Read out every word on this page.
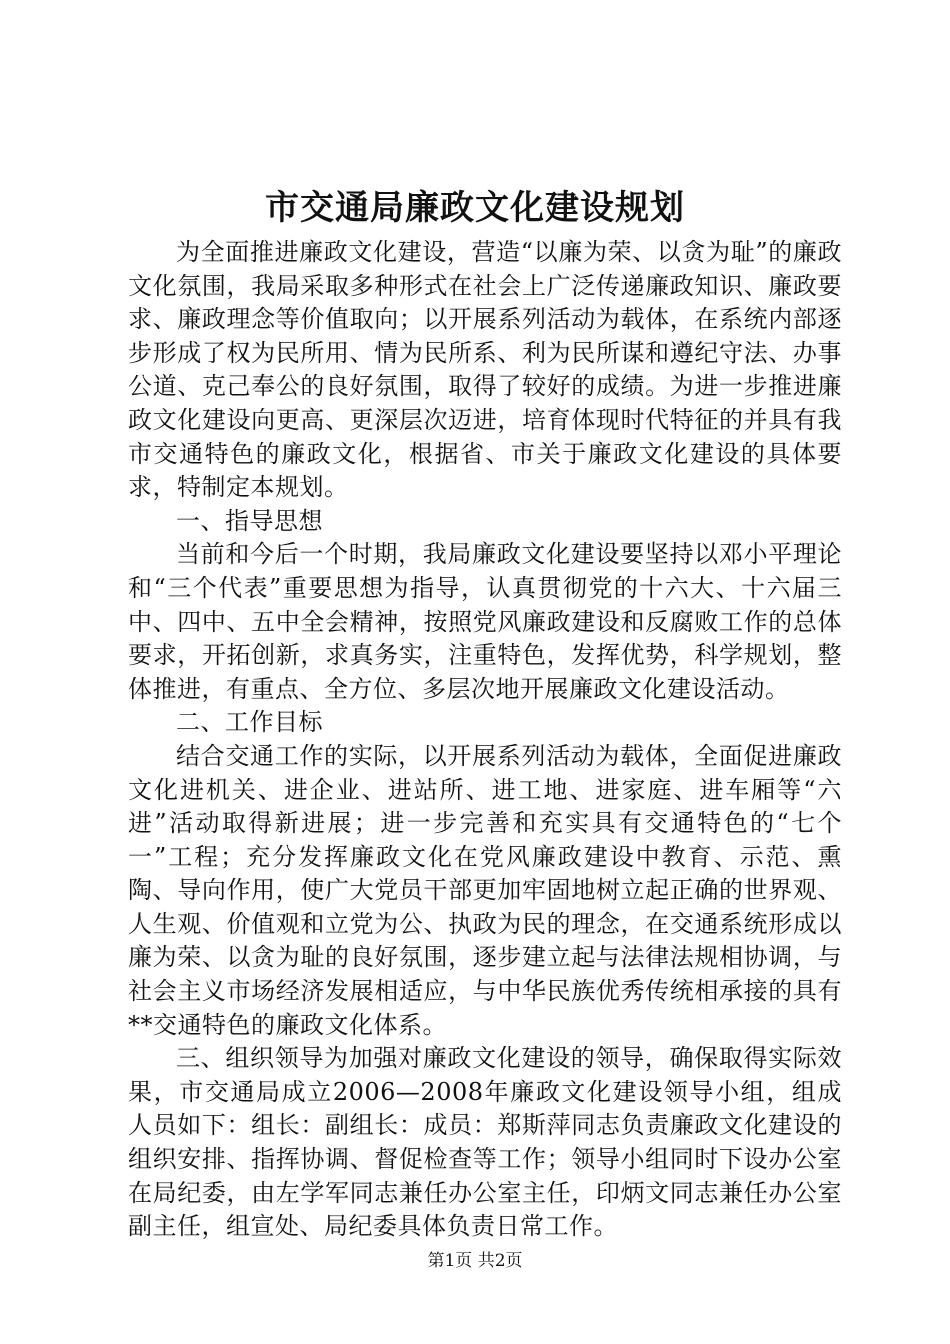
市交通局廉政文化建设规划

为全面推进廉政文化建设，营造“以廉为荣、以贪为耻”的廉政文化氛围，我局采取多种形式在社会上广泛传递廉政知识、廉政要求、廉政理念等价值取向；以开展系列活动为载体，在系统内部逐步形成了权为民所用、情为民所系、利为民所谋和遵纪守法、办事公道、克己奉公的良好氛围，取得了较好的成绩。为进一步推进廉政文化建设向更高、更深层次迈进，培育体现时代特征的并具有我市交通特色的廉政文化，根据省、市关于廉政文化建设的具体要求，特制定本规划。

一、指导思想

当前和今后一个时期，我局廉政文化建设要坚持以邓小平理论和“三个代表”重要思想为指导，认真贯彻党的十六大、十六届三中、四中、五中全会精神，按照党风廉政建设和反腐败工作的总体要求，开拓创新，求真务实，注重特色，发挥优势，科学规划，整体推进，有重点、全方位、多层次地开展廉政文化建设活动。

二、工作目标

结合交通工作的实际，以开展系列活动为载体，全面促进廉政文化进机关、进企业、进站所、进工地、进家庭、进车厢等“六进”活动取得新进展；进一步完善和充实具有交通特色的“七个一”工程；充分发挥廉政文化在党风廉政建设中教育、示范、熏陶、导向作用，使广大党员干部更加牢固地树立起正确的世界观、人生观、价值观和立党为公、执政为民的理念，在交通系统形成以廉为荣、以贪为耻的良好氛围，逐步建立起与法律法规相协调，与社会主义市场经济发展相适应，与中华民族优秀传统相承接的具有**交通特色的廉政文化体系。

三、组织领导为加强对廉政文化建设的领导，确保取得实际效果，市交通局成立2006—2008年廉政文化建设领导小组，组成人员如下：组长：副组长：成员：郑斯萍同志负责廉政文化建设的组织安排、指挥协调、督促检查等工作；领导小组同时下设办公室在局纪委，由左学军同志兼任办公室主任，印炳文同志兼任办公室副主任，组宣处、局纪委具体负责日常工作。

第1页 共2页
